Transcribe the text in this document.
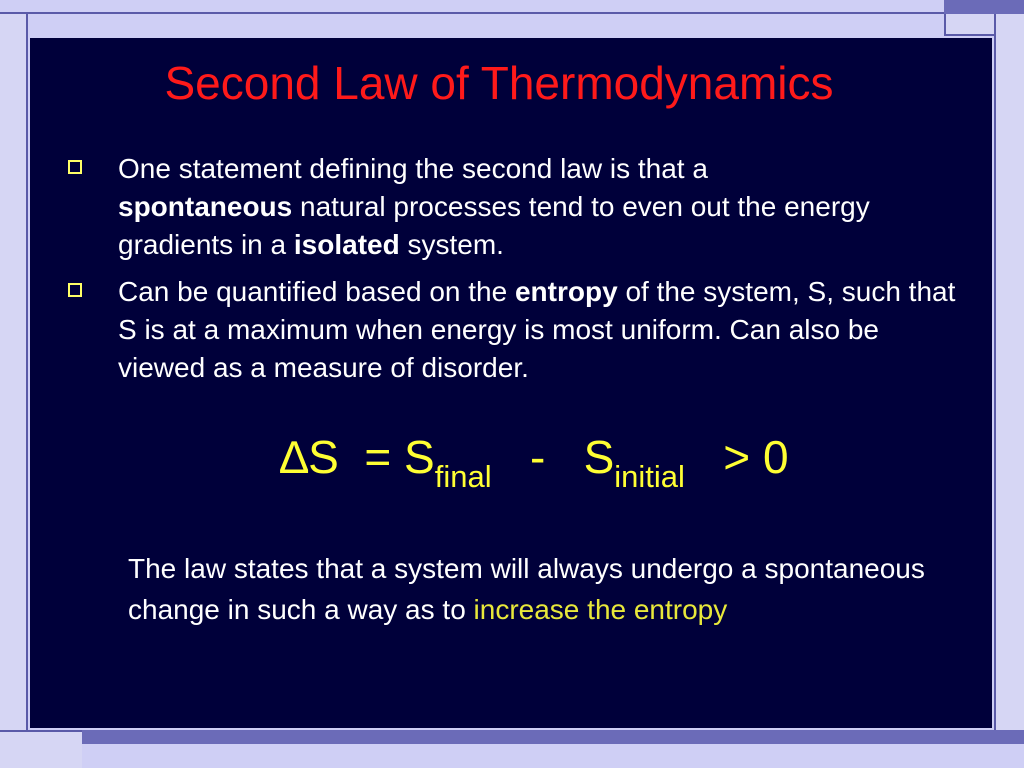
Second Law of Thermodynamics
One statement defining the second law is that a
spontaneous natural processes tend to even out the energy gradients in a isolated system.
Can be quantified based on the entropy of the system, S, such that S is at a maximum when energy is most uniform. Can also be viewed as a measure of disorder.
$\Delta S = S_{final} - S_{initial} > 0$
The law states that a system will always undergo a spontaneous change in such a way as to increase the entropy
